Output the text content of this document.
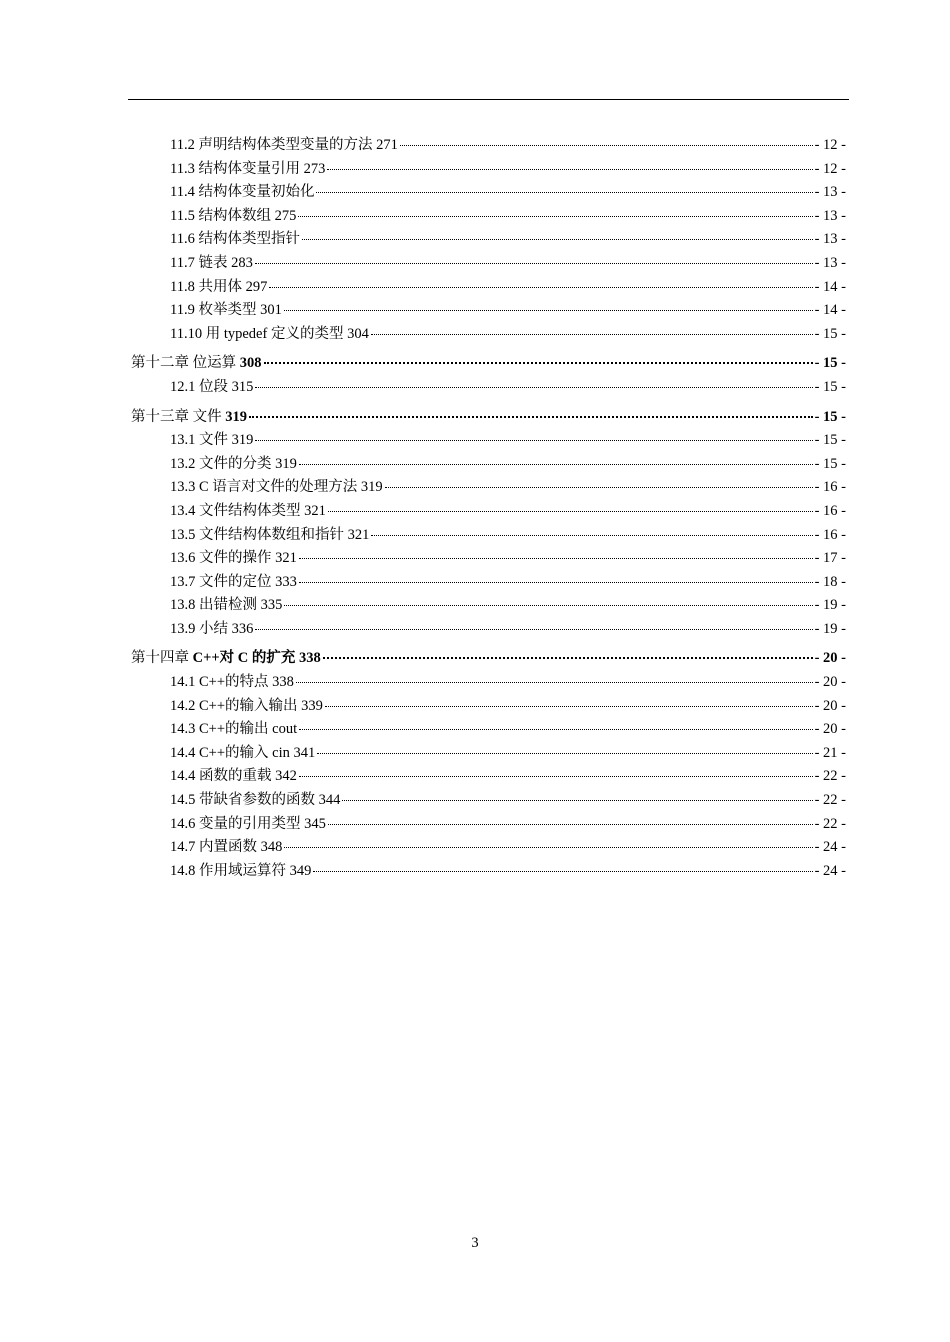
11.2 声明结构体类型变量的方法 271	- 12 -
11.3 结构体变量引用 273	- 12 -
11.4 结构体变量初始化	- 13 -
11.5 结构体数组 275	- 13 -
11.6 结构体类型指针	- 13 -
11.7 链表 283	- 13 -
11.8 共用体 297	- 14 -
11.9 枚举类型 301	- 14 -
11.10 用 typedef 定义的类型 304	- 15 -
第十二章 位运算 308	- 15 -
12.1 位段 315	- 15 -
第十三章 文件 319	- 15 -
13.1 文件 319	- 15 -
13.2 文件的分类 319	- 15 -
13.3 C 语言对文件的处理方法 319	- 16 -
13.4 文件结构体类型 321	- 16 -
13.5 文件结构体数组和指针 321	- 16 -
13.6 文件的操作 321	- 17 -
13.7 文件的定位 333	- 18 -
13.8 出错检测 335	- 19 -
13.9 小结 336	- 19 -
第十四章 C++对 C 的扩充 338	- 20 -
14.1 C++的特点 338	- 20 -
14.2 C++的输入输出 339	- 20 -
14.3 C++的输出 cout	- 20 -
14.4 C++的输入 cin 341	- 21 -
14.4 函数的重载 342	- 22 -
14.5 带缺省参数的函数 344	- 22 -
14.6 变量的引用类型 345	- 22 -
14.7 内置函数 348	- 24 -
14.8 作用域运算符 349	- 24 -
3
